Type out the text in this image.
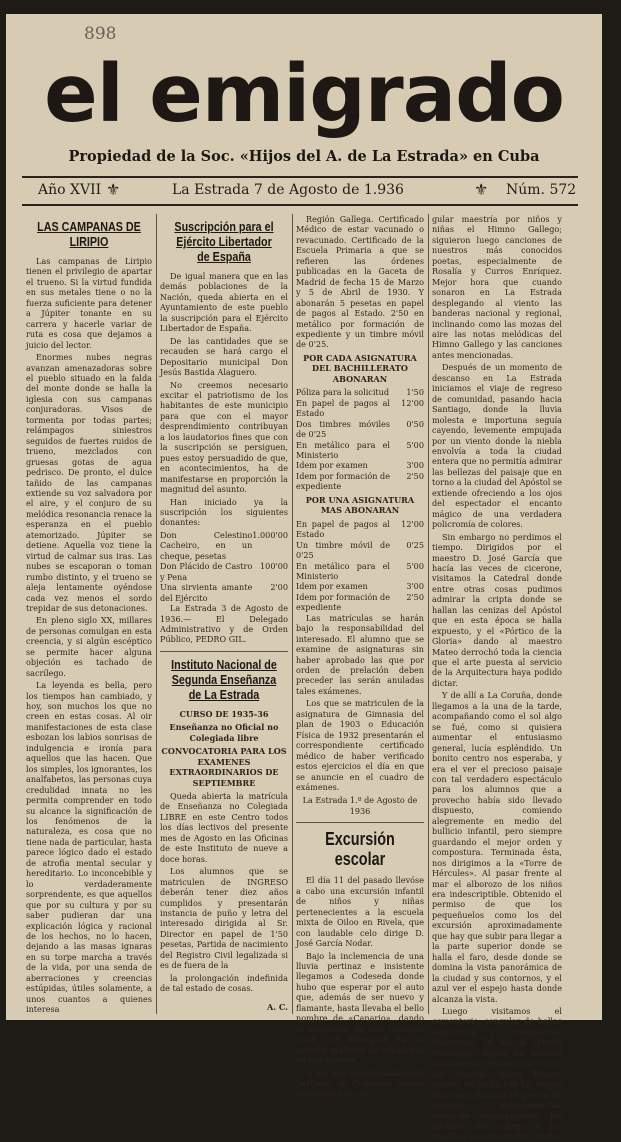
898
el emigrado
Propiedad de la Soc. «Hijos del A. de La Estrada» en Cuba
Año XVII ⚜	La Estrada 7 de Agosto de 1.936	⚜ Núm. 572
LAS CAMPANAS DE LIRIPIO

Las campanas de Liripio tienen el privilegio de apartar el trueno. Si la virtud fundida en sus metales tiene o no la fuerza suficiente para detener a Júpiter tonante en su carrera y hacerle variar de ruta es cosa que dejamos a juicio del lector.

Enormes nubes negras avanzan amenazadoras sobre el pueblo situado en la falda del monte donde se halla la iglesia con sus campanas conjuradoras. Visos de tormenta por todas partes; relámpagos siniestros seguidos de fuertes ruidos de trueno, mezclados con gruesas gotas de agua pedrisco. De pronto, el dulce tañido de las campanas extiende su voz salvadora por el aire, y el conjuro de su melódica resonancia renace la esperanza en el pueblo atemorizado. Júpiter se detiene. Aquella voz tiene la virtud de calmar sus iras. Las nubes se escaporan o toman rumbo distinto, y el trueno se aleja lentamente oyéndose cada vez menos el sordo trepidar de sus detonaciones.

En pleno siglo XX, millares de personas comulgan en esta creencia, y si algún escéptico se permite hacer alguna objeción es tachado de sacrílego.

La leyenda es bella, pero los tiempos han cambiado, y hoy, son muchos los que no creen en estas cosas. Al oir manifestaciones de esta clase esbozan los labios sonrisas de indulgencia e ironía para aquellos que las hacen. Que los simples, los ignorantes, los analfabetos, las personas cuya credulidad innata no les permita comprender en todo su alcance la significación de los fenómenos de la naturaleza, es cosa que no tiene nada de particular, hasta parece lógico dado el estado de atrofia mental secular y hereditario. Lo inconcebible y lo verdaderamente sorprendente, es que aquellos que por su cultura y por su saber pudieran dar una explicación lógica y racional de los hechos, no lo hacen, dejando a las masas ignaras en su torpe marcha a través de la vida, por una senda de aberraciones y creencias estúpidas, útiles solamente, a unos cuantos a quienes interesa

Suscripción para el Ejército Libertador de España

De igual manera que en las demás poblaciones de la Nación, queda abierta en el Ayuntamiento de este pueblo la suscripción para el Ejército Libertador de España.

De las cantidades que se recauden se hará cargo el Depositario municipal Don Jesús Bastida Alaguero.

No creemos necesario excitar el patriotismo de los habitantes de este municipio para que con el mayor desprendimiento contribuyan a los laudatorios fines que con la suscripción se persiguen, pues estoy persuadido de que, en acontecimientos, ha de manifestarse en proporción la magnitud del asunto.

Han iniciado ya la suscripción los siguientes donantes:

Don Celestino Cacheiro, en un cheque, pesetas	1.000'00
Don Plácido de Castro y Pena	100'00
Una sirvienta amante del Ejército	2'00

La Estrada 3 de Agosto de 1936.— El Delegado Administrativo y de Orden Público, PEDRO GIL.

Instituto Nacional de Segunda Enseñanza de La Estrada

CURSO DE 1935-36

Enseñanza no Oficial no Colegiada libre

CONVOCATORIA PARA LOS EXAMENES EXTRAORDINARIOS DE SEPTIEMBRE

Queda abierta la matrícula de Enseñanza no Colegiada LIBRE en este Centro todos los días lectivos del presente mes de Agosto en las Oficinas de este Instituto de nueve a doce horas.

Los alumnos que se matriculen de INGRESO deberán tener diez años cumplidos y presentarán instancia de puño y letra del interesado dirigida al Sr. Director en papel de 1'50 pesetas, Partida de nacimiento del Registro Civil legalizada si es de fuera de la

la prolongación indefinida de tal estado de cosas.

A. C.

Región Gallega. Certificado Médico de estar vacunado o revacunado. Certificado de la Escuela Primaria a que se refieren las órdenes publicadas en la Gaceta de Madrid de fecha 15 de Marzo y 5 de Abril de 1930. Y abonarán 5 pesetas en papel de pagos al Estado. 2'50 en metálico por formación de expediente y un timbre móvil de 0'25.

POR CADA ASIGNATURA DEL BACHILLERATO ABONARAN

Póliza para la solicitud	1'50
En papel de pagos al Estado	12'00
Dos timbres móviles de 0'25	0'50
En metálico para el Ministerio	5'00
Idem por examen	3'00
Idem por formación de expediente	2'50

POR UNA ASIGNATURA MAS ABONARAN

En papel de pagos al Estado	12'00
Un timbre móvil de 0'25	0'25
En metálico para el Ministerio	5'00
Idem por examen	3'00
Idem por formación de expediente	2'50

Las matrículas se harán bajo la responsabilidad del interesado. El alumno que se examine de asignaturas sin haber aprobado las que por orden de prelación deben preceder las serán anuladas tales exámenes.

Los que se matriculen de la asignatura de Gimnasia del plan de 1903 o Educación Física de 1932 presentarán el correspondiente certificado médico de haber verificado estos ejercicios el día en que se anuncie en el cuadro de exámenes.

La Estrada 1.º de Agosto de 1936

Excursión escolar

El día 11 del pasado llevóse a cabo una excursión infantil de niños y niñas pertenecientes a la escuela mixta de Oiloo en Rivela, que con laudable celo dirige D. José García Nodar.

Bajo la inclemencia de una lluvia pertinaz e insistente llegamos a Codeseda donde hubo que esperar por el auto que, además de ser nuevo y flamante, hasta llevaba el bello nombre de «Canario», dando la sensación de una hermosa jaula que albergara en su interior multitud de trinadores de esa especie.

A las seis aproximadamente partimos de Codeseda siendo ejecutado con sin-

gular maestría por niños y niñas el Himno Gallego; siguieron luego canciones de nuestros más conocidos poetas, especialmente de Rosalía y Curros Enríquez. Mejor hora que cuando sonaron en La Estrada desplegando al viento las banderas nacional y regional, inclinando como las mozas del aire las notas melódicas del Himno Gallego y las canciones antes mencionadas.

Después de un momento de descanso en La Estrada iniciamos el viaje de regreso de comunidad, pasando hacia Santiago, donde la lluvia molesta e importuna seguía cayendo, levemente empujada por un viento donde la niebla envolvía a toda la ciudad entera que no permitía admirar las bellezas del paisaje que en torno a la ciudad del Apóstol se extiende ofreciendo a los ojos del espectador el encanto mágico de una verdadera policromía de colores.

Sin embargo no perdimos el tiempo. Dirigidos por el maestro D. José García que hacía las veces de cicerone, visitamos la Catedral donde entre otras cosas pudimos admirar la cripta donde se hallan las cenizas del Apóstol que en esta época se halla expuesto, y el «Pórtico de la Gloria» dando al maestro Mateo derrochó toda la ciencia que el arte puesta al servicio de la Arquitectura haya podido dictar.

Y de allí a La Coruña, donde llegamos a la una de la tarde, acompañando como el sol algo se fué, como si quisiera aumentar el entusiasmo general, lucía espléndido. Un bonito centro nos esperaba, y era el ver el precioso paisaje con tal verdadero espectáculo para los alumnos que a provecho había sido llevado dispuesto, comiendo alegremente en medio del bullicio infantil, pero siempre guardando el mejor orden y compostura. Terminada ésta, nos dirigimos a la «Torre de Hércules». Al pasar frente al mar el alborozo de los niños era indescriptible. Obtenido el permiso de que los pequeñuelos como los del excursión aproximadamente que hay que subir para llegar a la parte superior donde se halla el faro, desde donde se domina la vista panorámica de la ciudad y sus contornos, y el azul ver el espejo hasta donde alcanza la vista.

Luego visitamos el cementerio, sengular de bellas sepulturas y monumentos funerarios. De allí al «Jardín Botánico», donde en sencillo monumento reposan los restos del general inglés Moore, muerto en lucha con las tropas francesas durante la guerra de nuestra independencia; visitando seguidamente los jardines del relleno y los muelles, y como colofón, visitó
